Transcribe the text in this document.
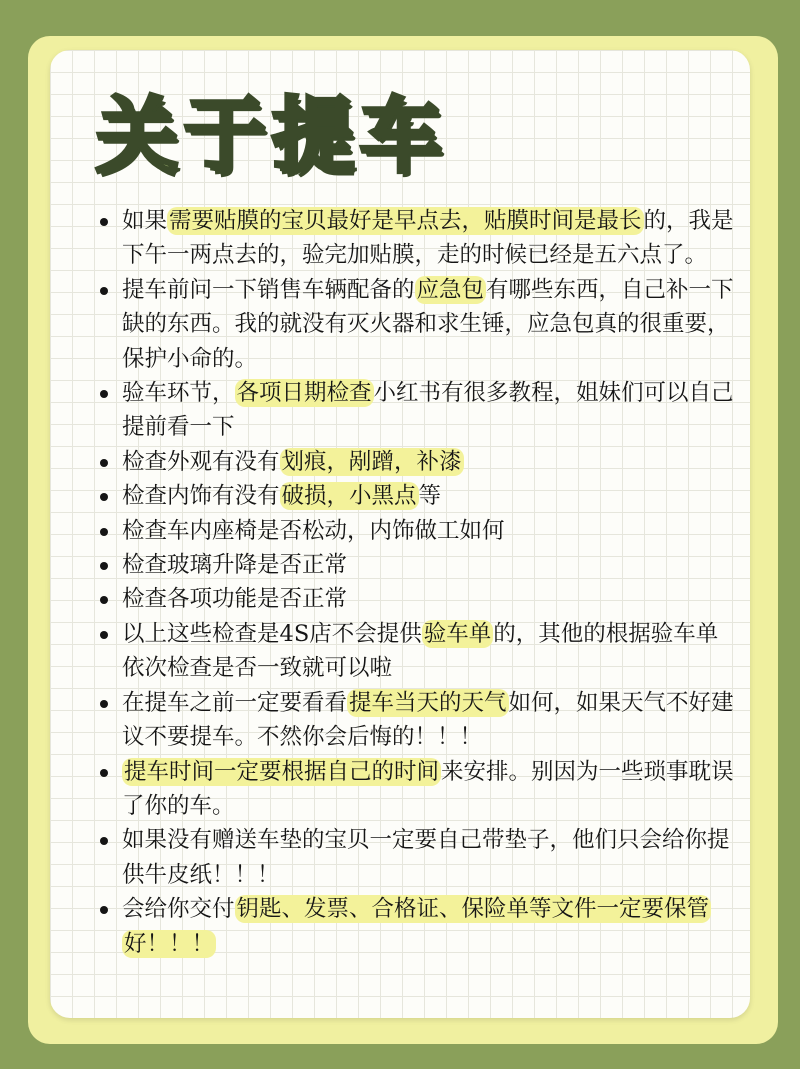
关于提车
如果需要贴膜的宝贝最好是早点去，贴膜时间是最长的，我是下午一两点去的，验完加贴膜，走的时候已经是五六点了。
提车前问一下销售车辆配备的应急包有哪些东西，自己补一下缺的东西。我的就没有灭火器和求生锤，应急包真的很重要，保护小命的。
验车环节，各项日期检查小红书有很多教程，姐妹们可以自己提前看一下
检查外观有没有划痕，剐蹭，补漆
检查内饰有没有破损，小黑点等
检查车内座椅是否松动，内饰做工如何
检查玻璃升降是否正常
检查各项功能是否正常
以上这些检查是4S店不会提供验车单的，其他的根据验车单依次检查是否一致就可以啦
在提车之前一定要看看提车当天的天气如何，如果天气不好建议不要提车。不然你会后悔的！！！
提车时间一定要根据自己的时间来安排。别因为一些琐事耽误了你的车。
如果没有赠送车垫的宝贝一定要自己带垫子，他们只会给你提供牛皮纸！！！
会给你交付钥匙、发票、合格证、保险单等文件一定要保管好！！！
